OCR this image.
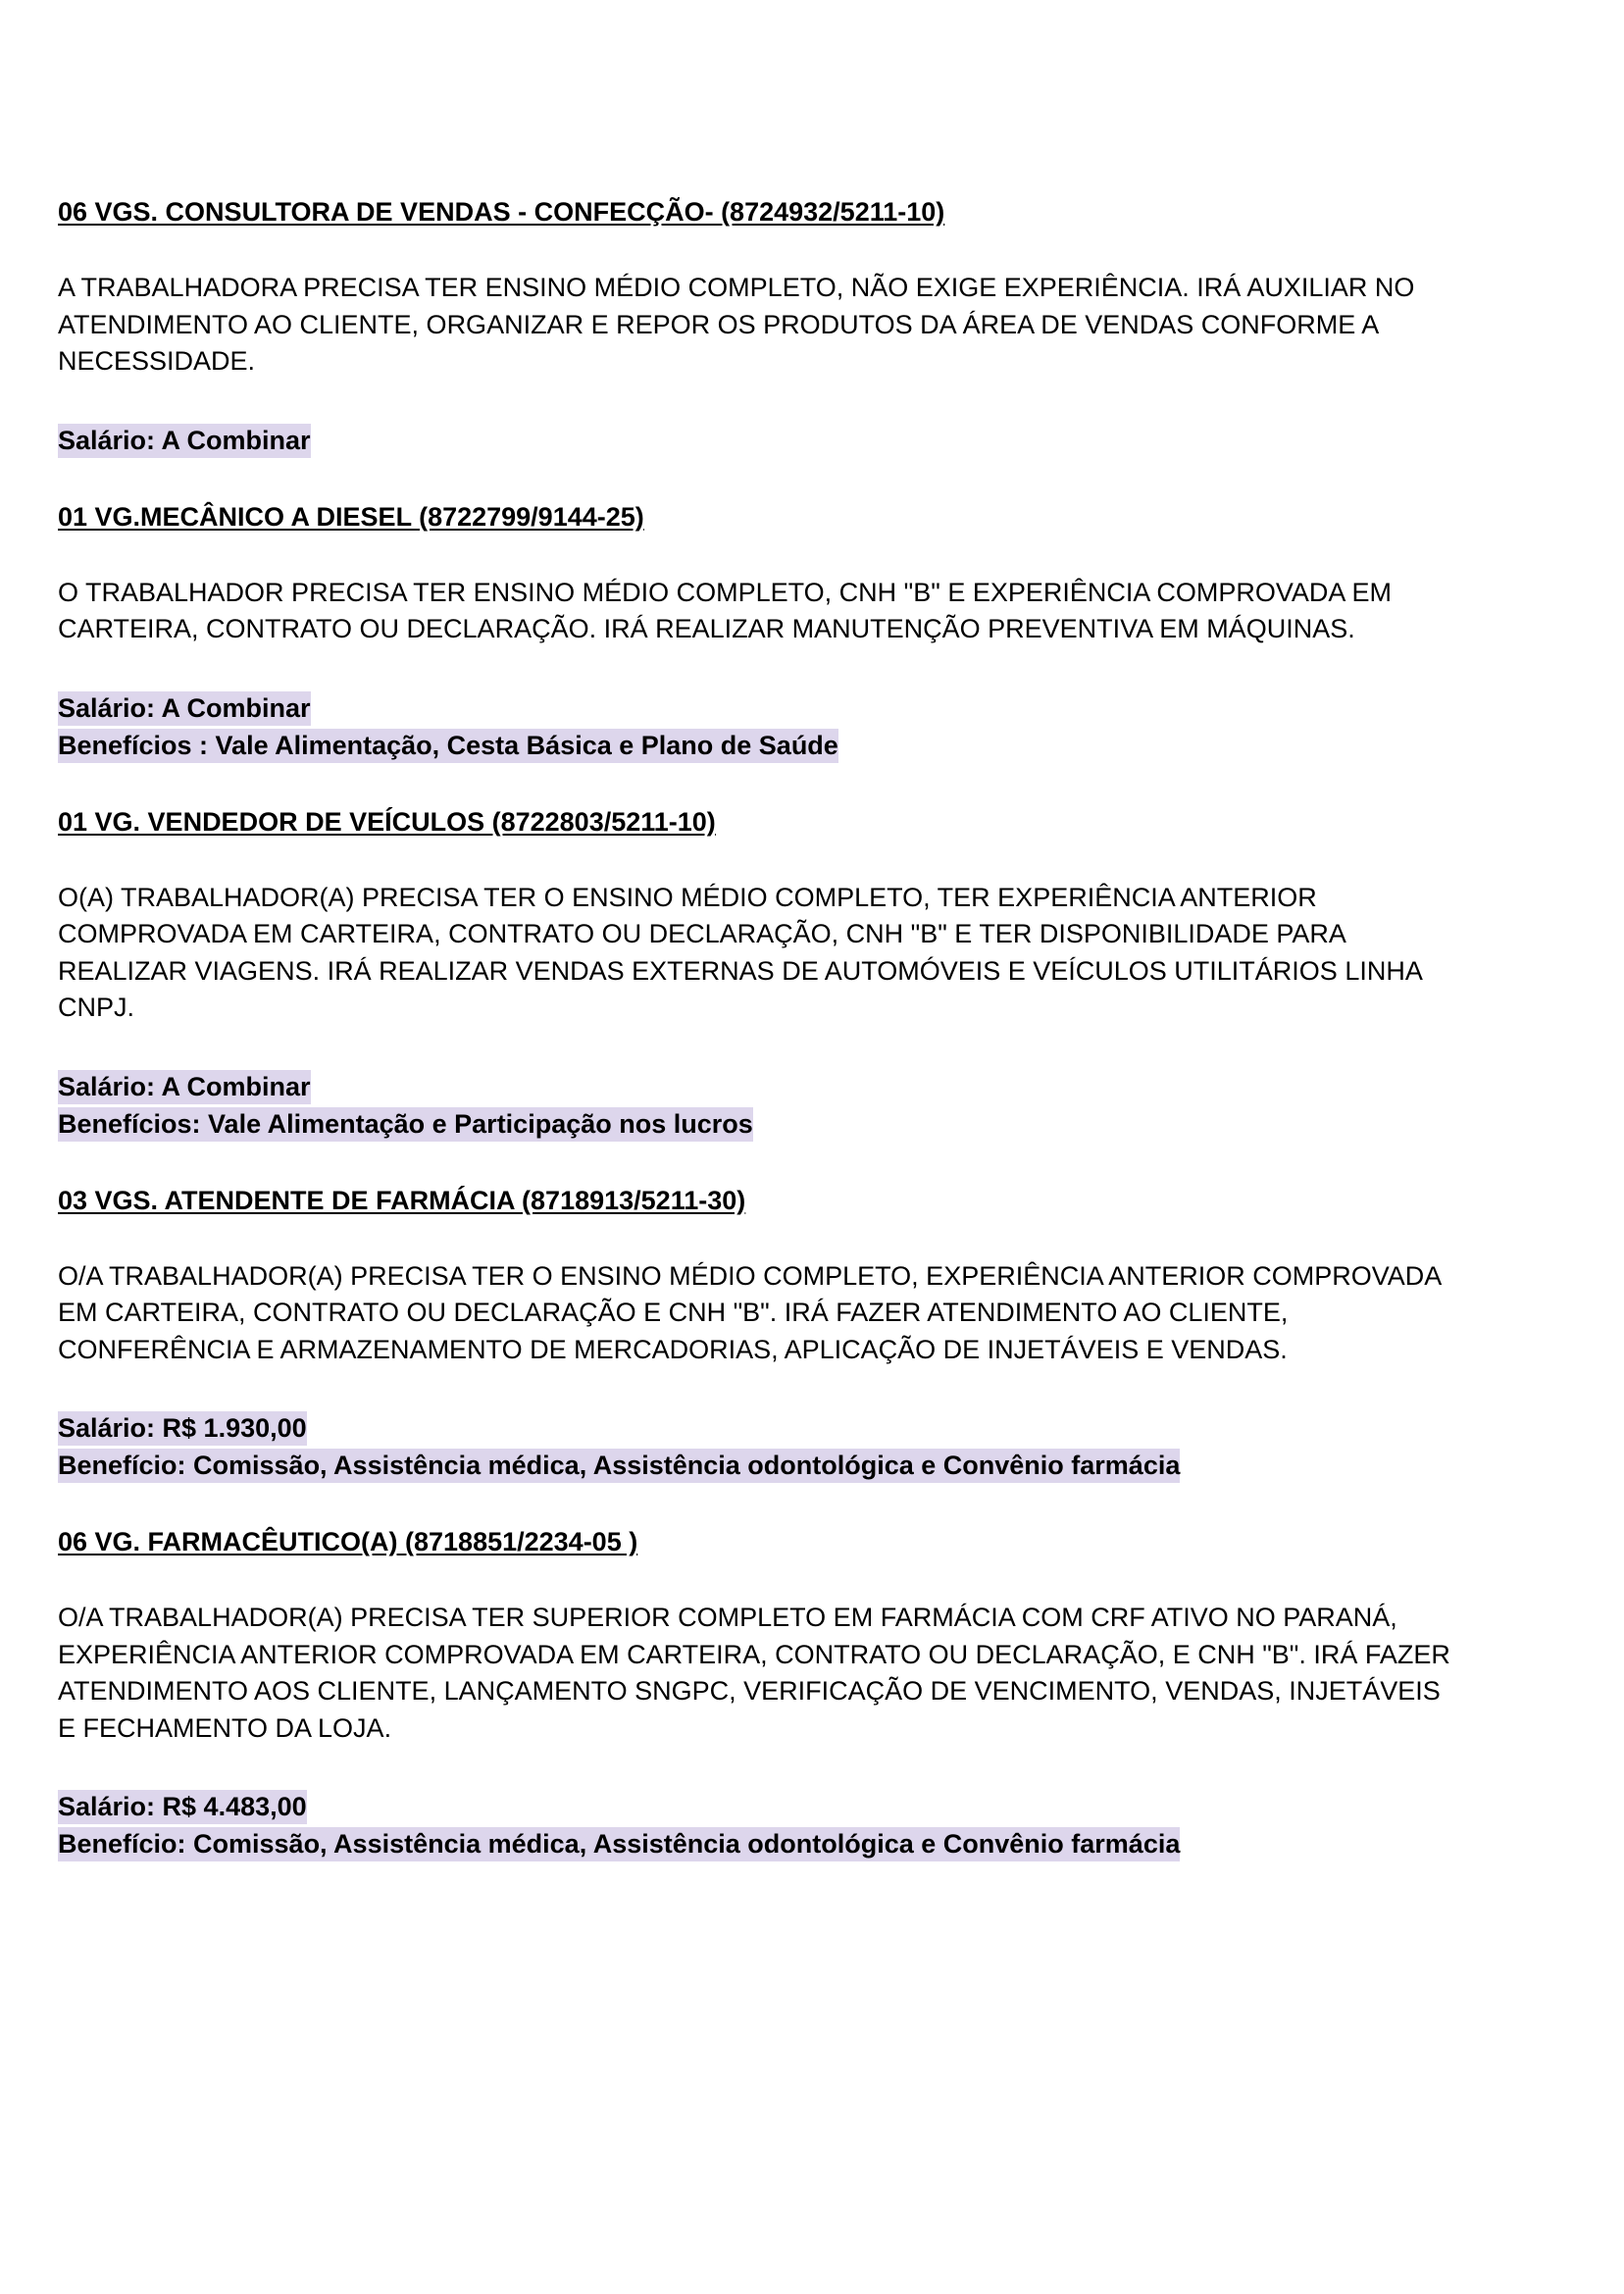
06 VGS. CONSULTORA DE VENDAS - CONFECÇÃO- (8724932/5211-10)
A TRABALHADORA PRECISA TER ENSINO MÉDIO COMPLETO, NÃO EXIGE EXPERIÊNCIA. IRÁ AUXILIAR NO
ATENDIMENTO AO CLIENTE, ORGANIZAR E REPOR OS PRODUTOS DA ÁREA DE VENDAS CONFORME A
NECESSIDADE.
Salário: A Combinar
01 VG.MECÂNICO A DIESEL (8722799/9144-25)
O TRABALHADOR PRECISA TER ENSINO MÉDIO COMPLETO, CNH "B" E EXPERIÊNCIA COMPROVADA EM
CARTEIRA, CONTRATO OU DECLARAÇÃO. IRÁ REALIZAR MANUTENÇÃO PREVENTIVA EM MÁQUINAS.
Salário: A Combinar
Benefícios : Vale Alimentação, Cesta Básica e Plano de Saúde
01 VG. VENDEDOR DE VEÍCULOS (8722803/5211-10)
O(A) TRABALHADOR(A) PRECISA TER O ENSINO MÉDIO COMPLETO, TER EXPERIÊNCIA ANTERIOR
COMPROVADA EM CARTEIRA, CONTRATO OU DECLARAÇÃO, CNH "B" E TER DISPONIBILIDADE PARA
REALIZAR VIAGENS. IRÁ REALIZAR VENDAS EXTERNAS DE AUTOMÓVEIS E VEÍCULOS UTILITÁRIOS LINHA
CNPJ.
Salário: A Combinar
Benefícios: Vale Alimentação e Participação nos lucros
03 VGS. ATENDENTE DE FARMÁCIA (8718913/5211-30)
O/A TRABALHADOR(A) PRECISA TER O ENSINO MÉDIO COMPLETO, EXPERIÊNCIA ANTERIOR COMPROVADA
EM CARTEIRA, CONTRATO OU DECLARAÇÃO E CNH "B". IRÁ FAZER ATENDIMENTO AO CLIENTE,
CONFERÊNCIA E ARMAZENAMENTO DE MERCADORIAS, APLICAÇÃO DE INJETÁVEIS E VENDAS.
Salário: R$ 1.930,00
Benefício: Comissão, Assistência médica, Assistência odontológica e Convênio farmácia
06 VG. FARMACÊUTICO(A) (8718851/2234-05 )
O/A TRABALHADOR(A) PRECISA TER SUPERIOR COMPLETO EM FARMÁCIA COM CRF ATIVO NO PARANÁ,
EXPERIÊNCIA ANTERIOR COMPROVADA EM CARTEIRA, CONTRATO OU DECLARAÇÃO, E CNH "B". IRÁ FAZER
ATENDIMENTO AOS CLIENTE, LANÇAMENTO SNGPC, VERIFICAÇÃO DE VENCIMENTO, VENDAS, INJETÁVEIS
E FECHAMENTO DA LOJA.
Salário: R$ 4.483,00
Benefício: Comissão, Assistência médica, Assistência odontológica e Convênio farmácia
